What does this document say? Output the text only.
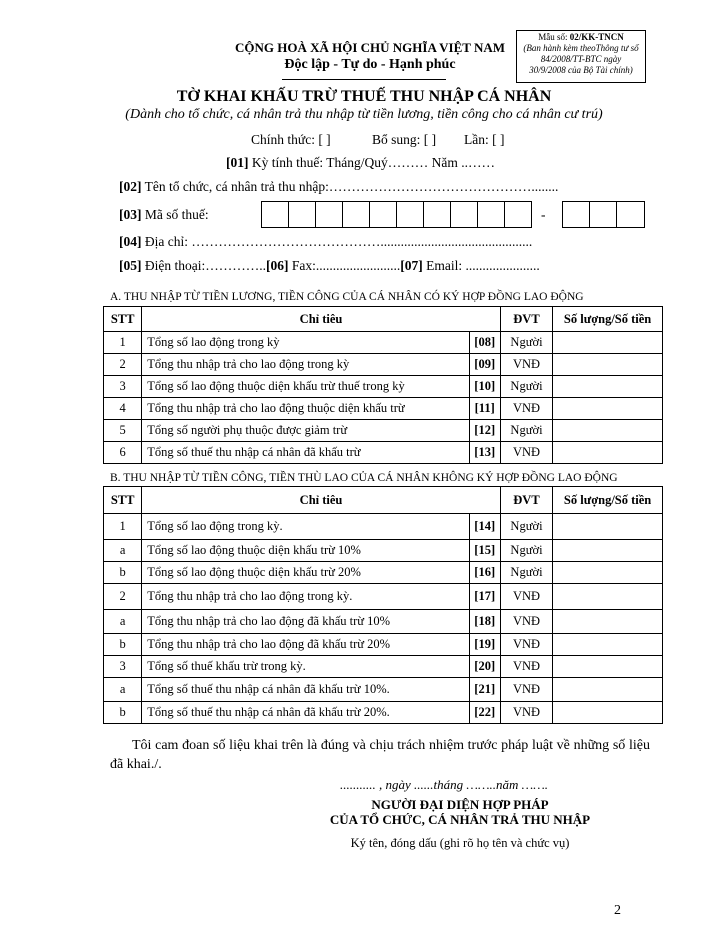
Mẫu số: 02/KK-TNCN
(Ban hành kèm theoThông tư số
84/2008/TT-BTC ngày
30/9/2008 của Bộ Tài chính)
CỘNG HOÀ XÃ HỘI CHỦ NGHĨA VIỆT NAM
Độc lập - Tự do - Hạnh phúc
TỜ KHAI KHẤU TRỪ THUẾ THU NHẬP CÁ NHÂN
(Dành cho tổ chức, cá nhân trả thu nhập từ tiền lương, tiền công cho cá nhân cư trú)
Chính thức: [ ]	Bổ sung: [ ] Lần: [ ]
[01] Kỳ tính thuế: Tháng/Quý……… Năm ..……
[02] Tên tổ chức, cá nhân trả thu nhập:………………………………………........
[03] Mã số thuế:	-
[04] Địa chỉ: …………………………………….............................................
[05] Điện thoại:…………..[06] Fax:.........................[07] Email: ......................
A. THU NHẬP TỪ TIỀN LƯƠNG, TIỀN CÔNG CỦA CÁ NHÂN CÓ KÝ HỢP ĐỒNG LAO ĐỘNG
STT	Chỉ tiêu		ĐVT	Số lượng/Số tiền
1	Tổng số lao động trong kỳ	[08]	Người	
2	Tổng thu nhập trả cho lao động trong kỳ	[09]	VNĐ	
3	Tổng số lao động thuộc diện khấu trừ thuế trong kỳ	[10]	Người	
4	Tổng thu nhập trả cho lao động thuộc diện khấu trừ	[11]	VNĐ	
5	Tổng số người phụ thuộc được giảm trừ	[12]	Người	
6	Tổng số thuế thu nhập cá nhân đã khấu trừ	[13]	VNĐ	
B. THU NHẬP TỪ TIỀN CÔNG, TIỀN THÙ LAO CỦA CÁ NHÂN KHÔNG KÝ HỢP ĐỒNG LAO ĐỘNG
STT	Chỉ tiêu		ĐVT	Số lượng/Số tiền
1	Tổng số lao động trong kỳ.	[14]	Người	
a	Tổng số lao động thuộc diện khấu trừ 10%	[15]	Người	
b	Tổng số lao động thuộc diện khấu trừ 20%	[16]	Người	
2	Tổng thu nhập trả cho lao động trong kỳ.	[17]	VNĐ	
a	Tổng thu nhập trả cho lao động đã khấu trừ 10%	[18]	VNĐ	
b	Tổng thu nhập trả cho lao động đã khấu trừ 20%	[19]	VNĐ	
3	Tổng số thuế khấu trừ trong kỳ.	[20]	VNĐ	
a	Tổng số thuế thu nhập cá nhân đã khấu trừ 10%.	[21]	VNĐ	
b	Tổng số thuế thu nhập cá nhân đã khấu trừ 20%.	[22]	VNĐ	
Tôi cam đoan số liệu khai trên là đúng và chịu trách nhiệm trước pháp luật về những số liệu đã khai./.
........... , ngày ......tháng ……..năm …….
NGƯỜI ĐẠI DIỆN HỢP PHÁP
CỦA TỔ CHỨC, CÁ NHÂN TRẢ THU NHẬP
Ký tên, đóng dấu (ghi rõ họ tên và chức vụ)
2
